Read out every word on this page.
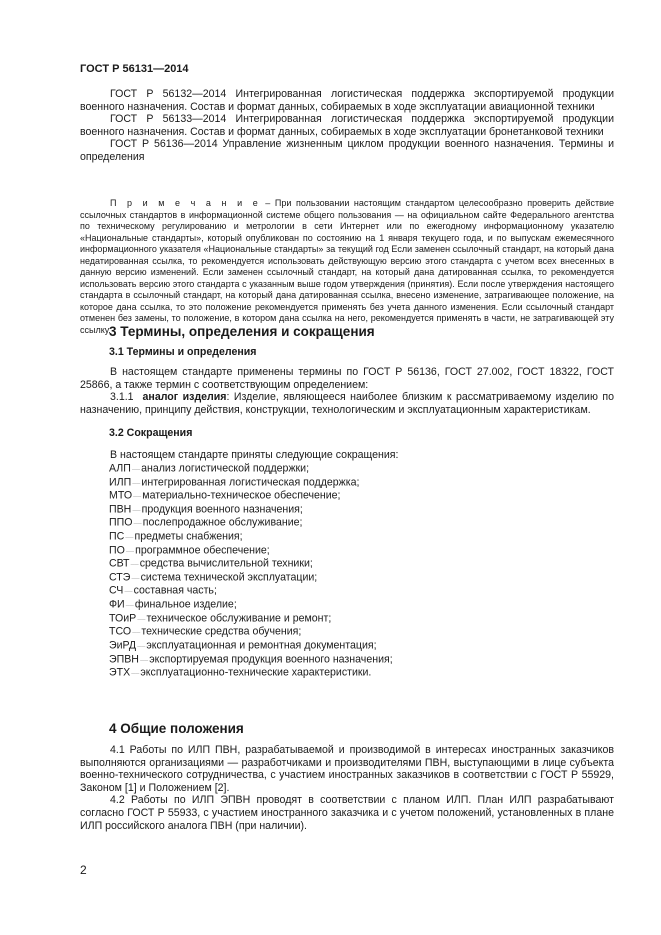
ГОСТ Р 56131—2014

ГОСТ Р 56132—2014 Интегрированная логистическая поддержка экспортируемой продукции военного назначения. Состав и формат данных, собираемых в ходе эксплуатации авиационной техники

ГОСТ Р 56133—2014 Интегрированная логистическая поддержка экспортируемой продукции военного назначения. Состав и формат данных, собираемых в ходе эксплуатации бронетанковой техники

ГОСТ Р 56136—2014 Управление жизненным циклом продукции военного назначения. Термины и определения

П р и м е ч а н и е – При пользовании настоящим стандартом целесообразно проверить действие ссылочных стандартов в информационной системе общего пользования — на официальном сайте Федерального агентства по техническому регулированию и метрологии в сети Интернет или по ежегодному информационному указателю «Национальные стандарты», который опубликован по состоянию на 1 января текущего года, и по выпускам ежемесячного информационного указателя «Национальные стандарты» за текущий год Если заменен ссылочный стандарт, на который дана недатированная ссылка, то рекомендуется использовать действующую версию этого стандарта с учетом всех внесенных в данную версию изменений. Если заменен ссылочный стандарт, на который дана датированная ссылка, то рекомендуется использовать версию этого стандарта с указанным выше годом утверждения (принятия). Если после утверждения настоящего стандарта в ссылочный стандарт, на который дана датированная ссылка, внесено изменение, затрагивающее положение, на которое дана ссылка, то это положение рекомендуется применять без учета данного изменения. Если ссылочный стандарт отменен без замены, то положение, в котором дана ссылка на него, рекомендуется применять в части, не затрагивающей эту ссылку.

3 Термины, определения и сокращения

3.1 Термины и определения

В настоящем стандарте применены термины по ГОСТ Р 56136, ГОСТ 27.002, ГОСТ 18322, ГОСТ 25866, а также термин с соответствующим определением:

3.1.1 аналог изделия: Изделие, являющееся наиболее близким к рассматриваемому изделию по назначению, принципу действия, конструкции, технологическим и эксплуатационным характеристикам.

3.2 Сокращения

В настоящем стандарте приняты следующие сокращения:

АЛП —— анализ логистической поддержки;

ИЛП —— интегрированная логистическая поддержка;

МТО —— материально-техническое обеспечение;

ПВН —— продукция военного назначения;

ППО —— послепродажное обслуживание;

ПС —— предметы снабжения;

ПО —— программное обеспечение;

СВТ —— средства вычислительной техники;

СТЭ —— система технической эксплуатации;

СЧ —— составная часть;

ФИ —— финальное изделие;

ТОиР —— техническое обслуживание и ремонт;

ТСО —— технические средства обучения;

ЭиРД —— эксплуатационная и ремонтная документация;

ЭПВН —— экспортируемая продукция военного назначения;

ЭТХ —— эксплуатационно-технические характеристики.

4 Общие положения

4.1 Работы по ИЛП ПВН, разрабатываемой и производимой в интересах иностранных заказчиков выполняются организациями — разработчиками и производителями ПВН, выступающими в лице субъекта военно-технического сотрудничества, с участием иностранных заказчиков в соответствии с ГОСТ Р 55929, Законом [1] и Положением [2].

4.2 Работы по ИЛП ЭПВН проводят в соответствии с планом ИЛП. План ИЛП разрабатывают согласно ГОСТ Р 55933, с участием иностранного заказчика и с учетом положений, установленных в плане ИЛП российского аналога ПВН (при наличии).

2
